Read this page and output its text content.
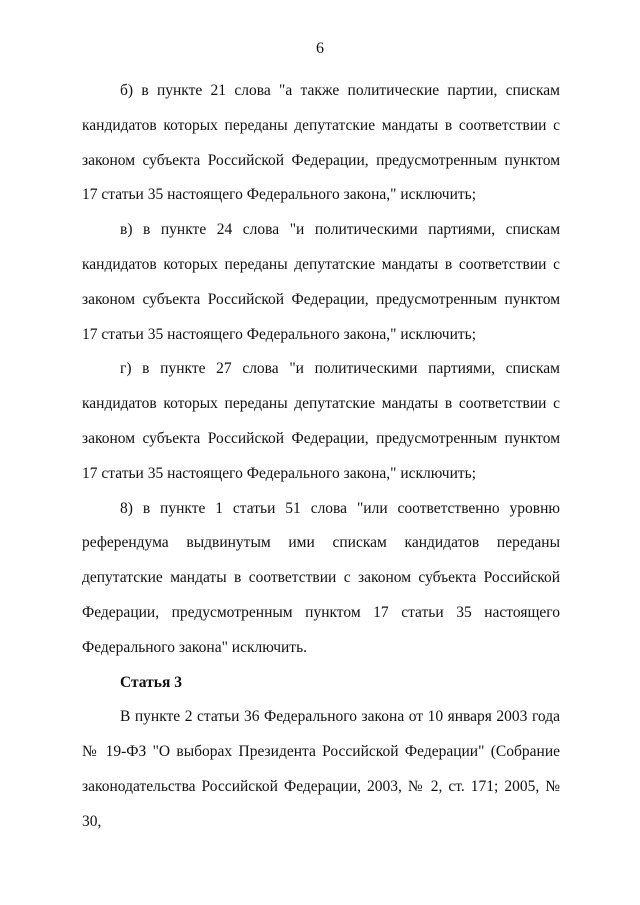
6

б) в пункте 21 слова "а также политические партии, спискам кандидатов которых переданы депутатские мандаты в соответствии с законом субъекта Российской Федерации, предусмотренным пунктом 17 статьи 35 настоящего Федерального закона," исключить;

в) в пункте 24 слова "и политическими партиями, спискам кандидатов которых переданы депутатские мандаты в соответствии с законом субъекта Российской Федерации, предусмотренным пунктом 17 статьи 35 настоящего Федерального закона," исключить;

г) в пункте 27 слова "и политическими партиями, спискам кандидатов которых переданы депутатские мандаты в соответствии с законом субъекта Российской Федерации, предусмотренным пунктом 17 статьи 35 настоящего Федерального закона," исключить;

8) в пункте 1 статьи 51 слова "или соответственно уровню референдума выдвинутым ими спискам кандидатов переданы депутатские мандаты в соответствии с законом субъекта Российской Федерации, предусмотренным пунктом 17 статьи 35 настоящего Федерального закона" исключить.

Статья 3

В пункте 2 статьи 36 Федерального закона от 10 января 2003 года № 19-ФЗ "О выборах Президента Российской Федерации" (Собрание законодательства Российской Федерации, 2003, № 2, ст. 171; 2005, № 30,
